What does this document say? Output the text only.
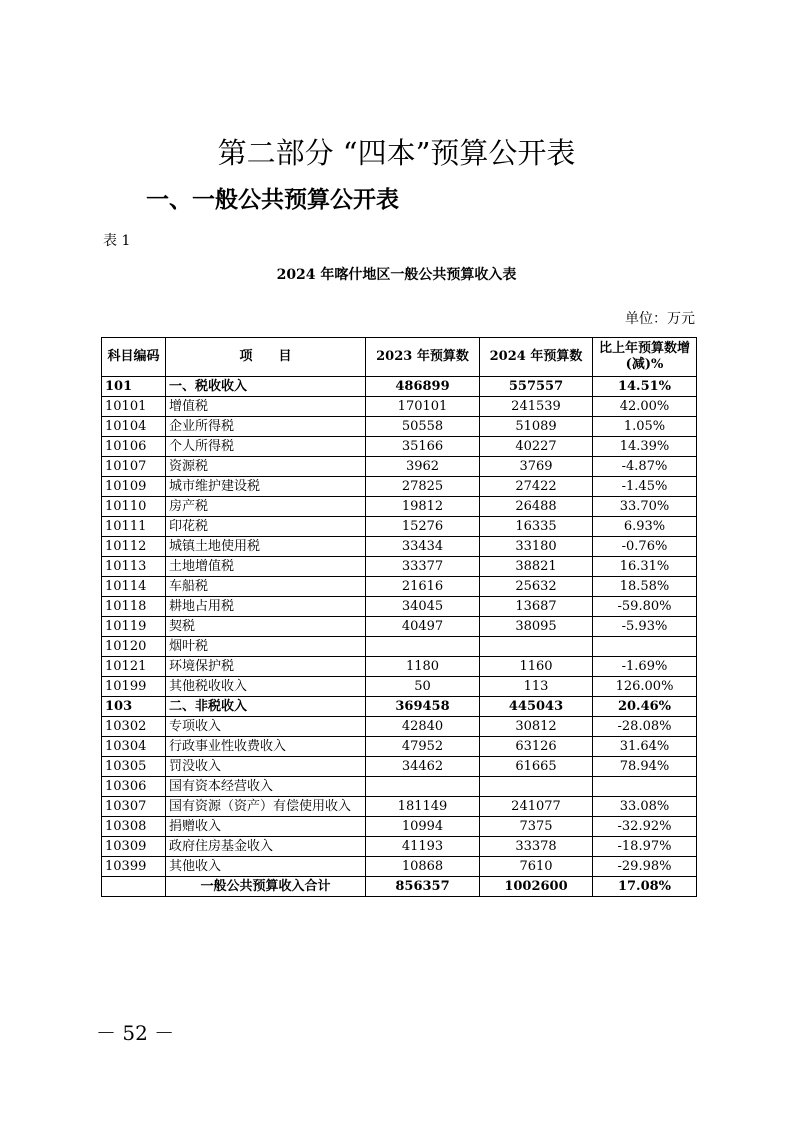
第二部分 “四本”预算公开表
一、一般公共预算公开表
表 1
2024 年喀什地区一般公共预算收入表
单位：万元
科目编码	项　　目	2023 年预算数	2024 年预算数	比上年预算数增(减)%
101	一、税收收入	486899	557557	14.51%
10101	增值税	170101	241539	42.00%
10104	企业所得税	50558	51089	1.05%
10106	个人所得税	35166	40227	14.39%
10107	资源税	3962	3769	-4.87%
10109	城市维护建设税	27825	27422	-1.45%
10110	房产税	19812	26488	33.70%
10111	印花税	15276	16335	6.93%
10112	城镇土地使用税	33434	33180	-0.76%
10113	土地增值税	33377	38821	16.31%
10114	车船税	21616	25632	18.58%
10118	耕地占用税	34045	13687	-59.80%
10119	契税	40497	38095	-5.93%
10120	烟叶税			
10121	环境保护税	1180	1160	-1.69%
10199	其他税收收入	50	113	126.00%
103	二、非税收入	369458	445043	20.46%
10302	专项收入	42840	30812	-28.08%
10304	行政事业性收费收入	47952	63126	31.64%
10305	罚没收入	34462	61665	78.94%
10306	国有资本经营收入			
10307	国有资源（资产）有偿使用收入	181149	241077	33.08%
10308	捐赠收入	10994	7375	-32.92%
10309	政府住房基金收入	41193	33378	-18.97%
10399	其他收入	10868	7610	-29.98%
	一般公共预算收入合计	856357	1002600	17.08%
－ 52 －
